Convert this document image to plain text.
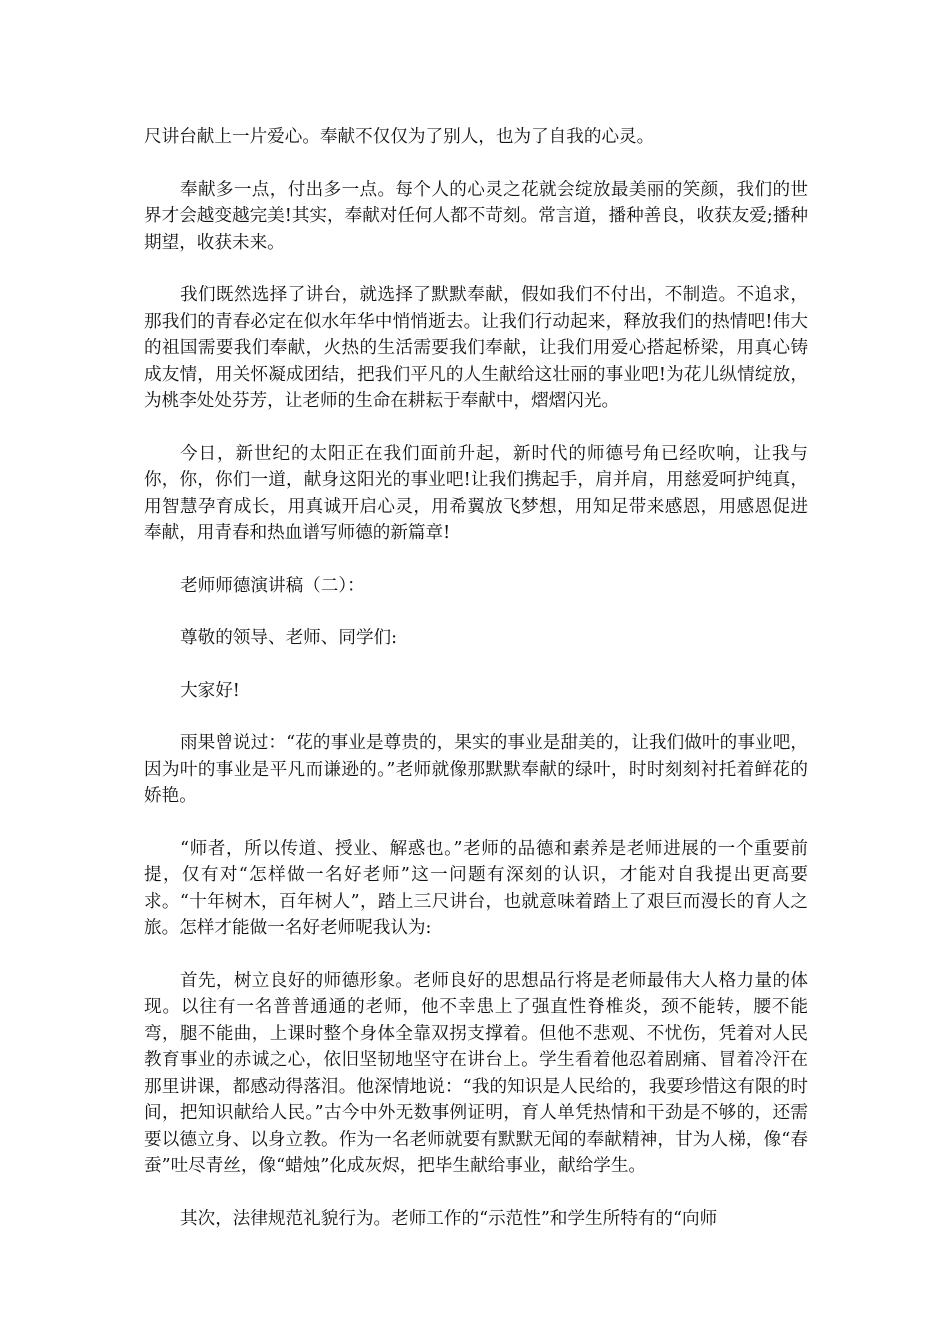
尺讲台献上一片爱心。奉献不仅仅为了别人，也为了自我的心灵。

奉献多一点，付出多一点。每个人的心灵之花就会绽放最美丽的笑颜，我们的世界才会越变越完美!其实，奉献对任何人都不苛刻。常言道，播种善良，收获友爱;播种期望，收获未来。

我们既然选择了讲台，就选择了默默奉献，假如我们不付出，不制造。不追求，那我们的青春必定在似水年华中悄悄逝去。让我们行动起来，释放我们的热情吧!伟大的祖国需要我们奉献，火热的生活需要我们奉献，让我们用爱心搭起桥梁，用真心铸成友情，用关怀凝成团结，把我们平凡的人生献给这壮丽的事业吧!为花儿纵情绽放，为桃李处处芬芳，让老师的生命在耕耘于奉献中，熠熠闪光。

今日，新世纪的太阳正在我们面前升起，新时代的师德号角已经吹响，让我与你，你，你们一道，献身这阳光的事业吧!让我们携起手，肩并肩，用慈爱呵护纯真，用智慧孕育成长，用真诚开启心灵，用希翼放飞梦想，用知足带来感恩，用感恩促进奉献，用青春和热血谱写师德的新篇章!

老师师德演讲稿（二）：

尊敬的领导、老师、同学们:

大家好!

雨果曾说过：“花的事业是尊贵的，果实的事业是甜美的，让我们做叶的事业吧，因为叶的事业是平凡而谦逊的。”老师就像那默默奉献的绿叶，时时刻刻衬托着鲜花的娇艳。

“师者，所以传道、授业、解惑也。”老师的品德和素养是老师进展的一个重要前提，仅有对“怎样做一名好老师”这一问题有深刻的认识，才能对自我提出更高要求。“十年树木，百年树人”，踏上三尺讲台，也就意味着踏上了艰巨而漫长的育人之旅。怎样才能做一名好老师呢我认为:

首先，树立良好的师德形象。老师良好的思想品行将是老师最伟大人格力量的体现。以往有一名普普通通的老师，他不幸患上了强直性脊椎炎，颈不能转，腰不能弯，腿不能曲，上课时整个身体全靠双拐支撑着。但他不悲观、不忧伤，凭着对人民教育事业的赤诚之心，依旧坚韧地坚守在讲台上。学生看着他忍着剧痛、冒着冷汗在那里讲课，都感动得落泪。他深情地说：“我的知识是人民给的，我要珍惜这有限的时间，把知识献给人民。”古今中外无数事例证明，育人单凭热情和干劲是不够的，还需要以德立身、以身立教。作为一名老师就要有默默无闻的奉献精神，甘为人梯，像“春蚕”吐尽青丝，像“蜡烛”化成灰烬，把毕生献给事业，献给学生。

其次，法律规范礼貌行为。老师工作的“示范性”和学生所特有的“向师
